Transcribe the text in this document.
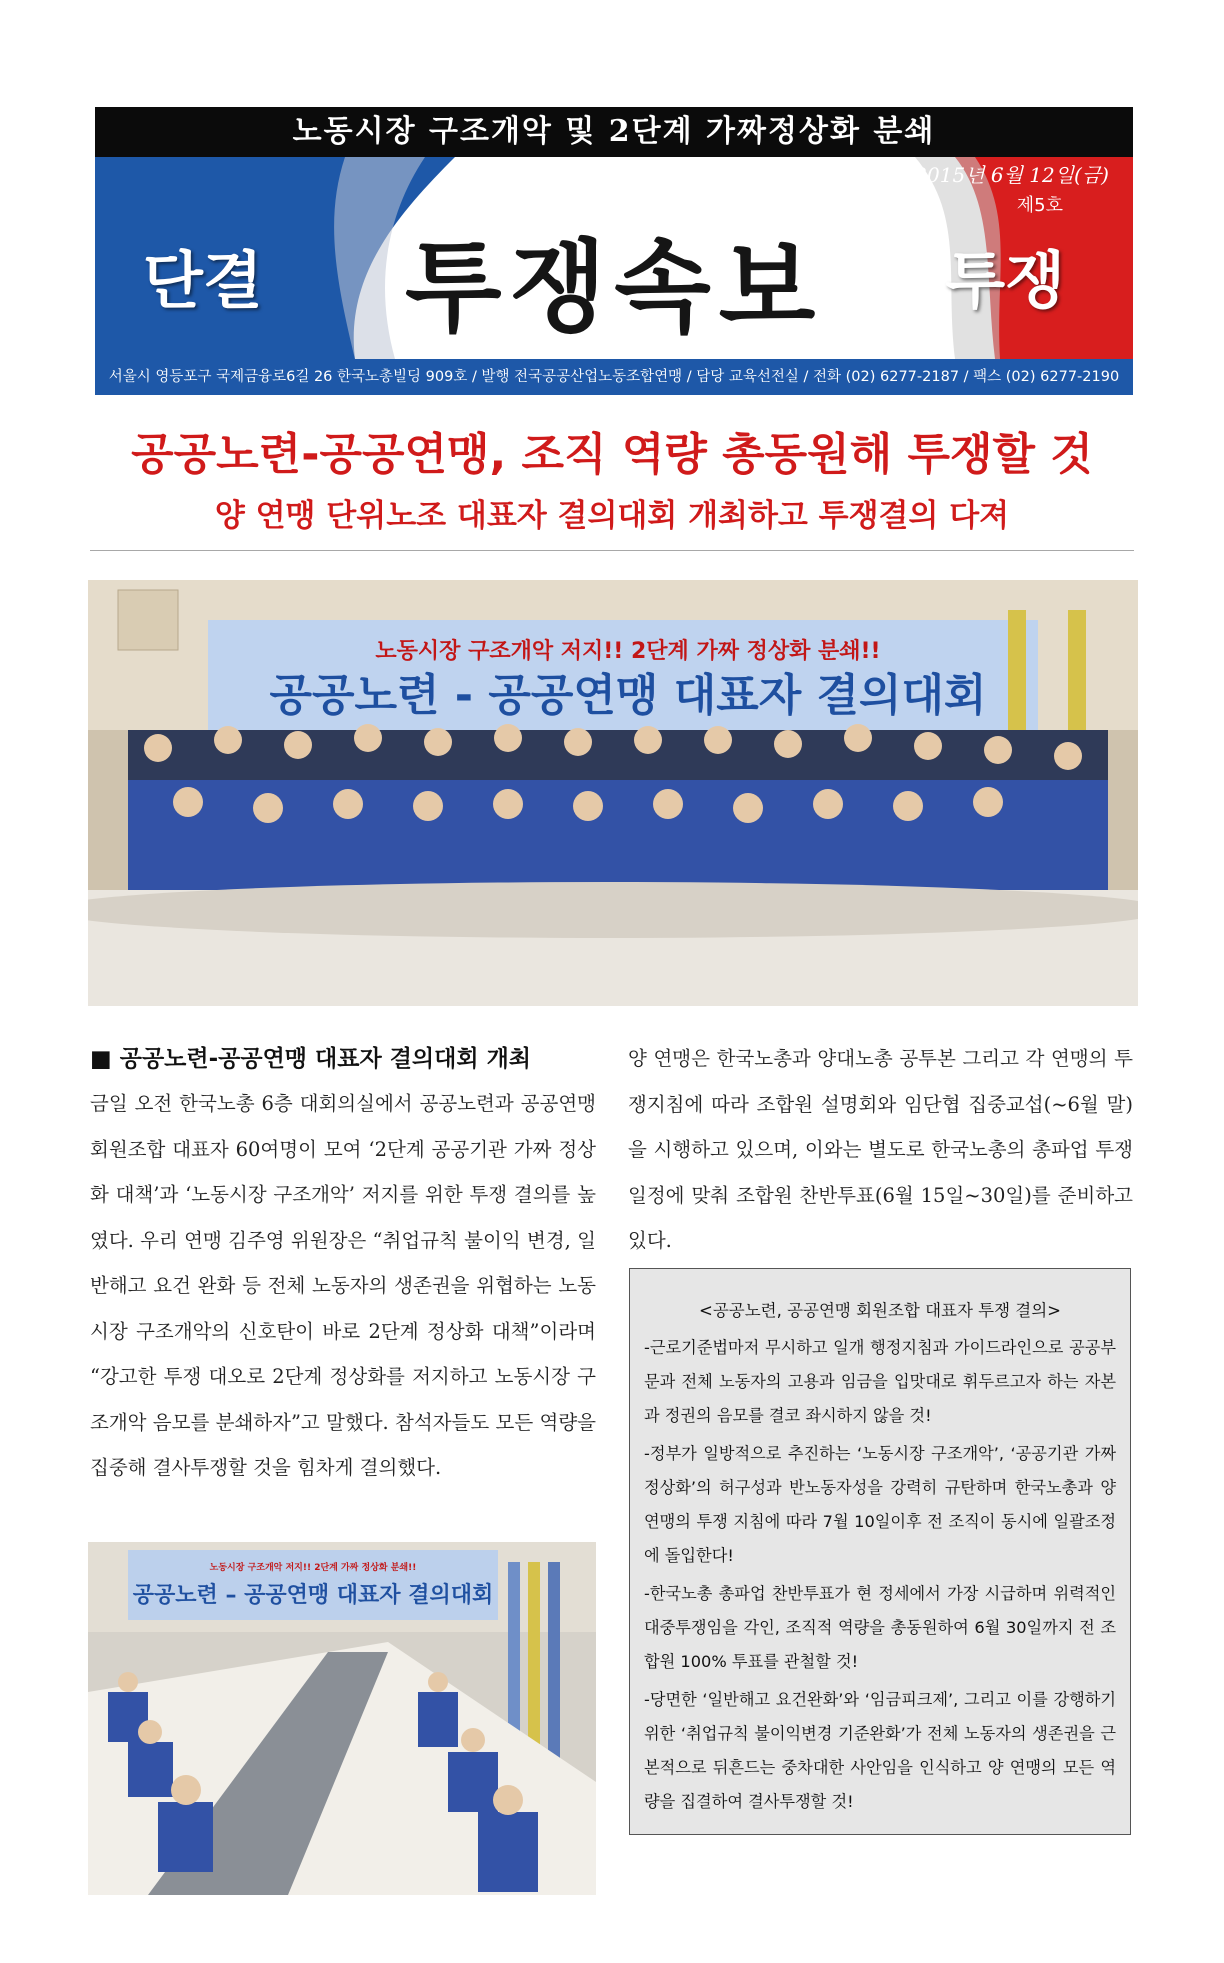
노동시장 구조개악 및 2단계 가짜정상화 분쇄
2015년 6월 12일(금)
제5호
단결 투쟁속보 투쟁
서울시 영등포구 국제금융로6길 26 한국노총빌딩 909호 / 발행 전국공공산업노동조합연맹 / 담당 교육선전실 / 전화 (02) 6277-2187 / 팩스 (02) 6277-2190
공공노련-공공연맹, 조직 역량 총동원해 투쟁할 것
양 연맹 단위노조 대표자 결의대회 개최하고 투쟁결의 다져
노동시장 구조개악 저지!! 2단계 가짜 정상화 분쇄!!
공공노련 - 공공연맹 대표자 결의대회
■ 공공노련-공공연맹 대표자 결의대회 개최
금일 오전 한국노총 6층 대회의실에서 공공노련과 공공연맹 회원조합 대표자 60여명이 모여 ‘2단계 공공기관 가짜 정상화 대책’과 ‘노동시장 구조개악’ 저지를 위한 투쟁 결의를 높였다. 우리 연맹 김주영 위원장은 “취업규칙 불이익 변경, 일반해고 요건 완화 등 전체 노동자의 생존권을 위협하는 노동시장 구조개악의 신호탄이 바로 2단계 정상화 대책”이라며 “강고한 투쟁 대오로 2단계 정상화를 저지하고 노동시장 구조개악 음모를 분쇄하자”고 말했다. 참석자들도 모든 역량을 집중해 결사투쟁할 것을 힘차게 결의했다.
양 연맹은 한국노총과 양대노총 공투본 그리고 각 연맹의 투쟁지침에 따라 조합원 설명회와 임단협 집중교섭(~6월 말)을 시행하고 있으며, 이와는 별도로 한국노총의 총파업 투쟁일정에 맞춰 조합원 찬반투표(6월 15일~30일)를 준비하고 있다.
<공공노련, 공공연맹 회원조합 대표자 투쟁 결의>
-근로기준법마저 무시하고 일개 행정지침과 가이드라인으로 공공부문과 전체 노동자의 고용과 임금을 입맛대로 휘두르고자 하는 자본과 정권의 음모를 결코 좌시하지 않을 것!
-정부가 일방적으로 추진하는 ‘노동시장 구조개악’, ‘공공기관 가짜 정상화’의 허구성과 반노동자성을 강력히 규탄하며 한국노총과 양 연맹의 투쟁 지침에 따라 7월 10일이후 전 조직이 동시에 일괄조정에 돌입한다!
-한국노총 총파업 찬반투표가 현 정세에서 가장 시급하며 위력적인 대중투쟁임을 각인, 조직적 역량을 총동원하여 6월 30일까지 전 조합원 100% 투표를 관철할 것!
-당면한 ‘일반해고 요건완화’와 ‘임금피크제’, 그리고 이를 강행하기 위한 ‘취업규칙 불이익변경 기준완화’가 전체 노동자의 생존권을 근본적으로 뒤흔드는 중차대한 사안임을 인식하고 양 연맹의 모든 역량을 집결하여 결사투쟁할 것!
노동시장 구조개악 저지!! 2단계 가짜 정상화 분쇄!!
공공노련 – 공공연맹 대표자 결의대회
